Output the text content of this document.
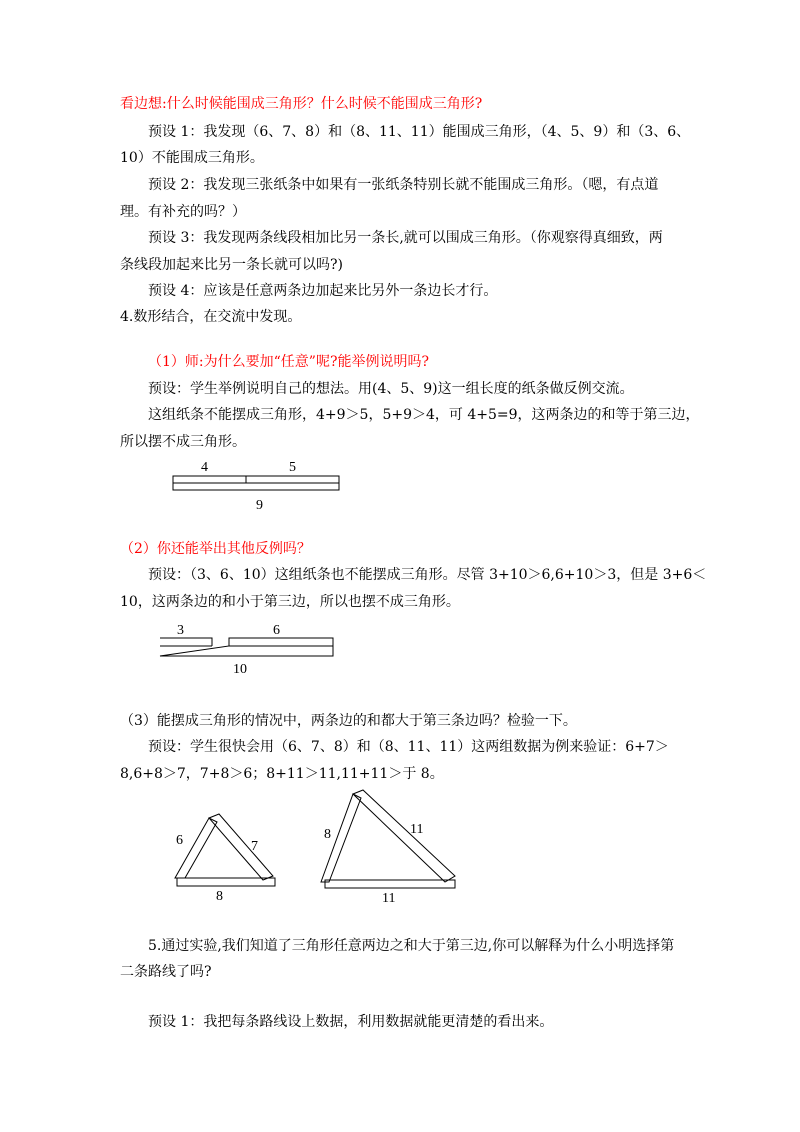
看边想:什么时候能围成三角形？什么时候不能围成三角形?
预设 1：我发现（6、7、8）和（8、11、11）能围成三角形，（4、5、9）和（3、6、
10）不能围成三角形。
预设 2：我发现三张纸条中如果有一张纸条特别长就不能围成三角形。（嗯，有点道
理。有补充的吗？）
预设 3：我发现两条线段相加比另一条长,就可以围成三角形。（你观察得真细致，两
条线段加起来比另一条长就可以吗?)
预设 4：应该是任意两条边加起来比另外一条边长才行。
4.数形结合，在交流中发现。
（1）师:为什么要加“任意”呢?能举例说明吗?
预设：学生举例说明自己的想法。用(4、5、9)这一组长度的纸条做反例交流。
这组纸条不能摆成三角形，4+9＞5，5+9＞4，可 4+5=9，这两条边的和等于第三边，
所以摆不成三角形。
4	5
9
（2）你还能举出其他反例吗？
预设：（3、6、10）这组纸条也不能摆成三角形。尽管 3+10＞6,6+10＞3，但是 3+6＜
10，这两条边的和小于第三边，所以也摆不成三角形。
3	6
10
（3）能摆成三角形的情况中，两条边的和都大于第三条边吗？检验一下。
预设：学生很快会用（6、7、8）和（8、11、11）这两组数据为例来验证：6+7＞
8,6+8＞7，7+8＞6；8+11＞11,11+11＞于 8。
6	7
8
8	11
11
5.通过实验,我们知道了三角形任意两边之和大于第三边,你可以解释为什么小明选择第
二条路线了吗?
预设 1：我把每条路线设上数据，利用数据就能更清楚的看出来。
